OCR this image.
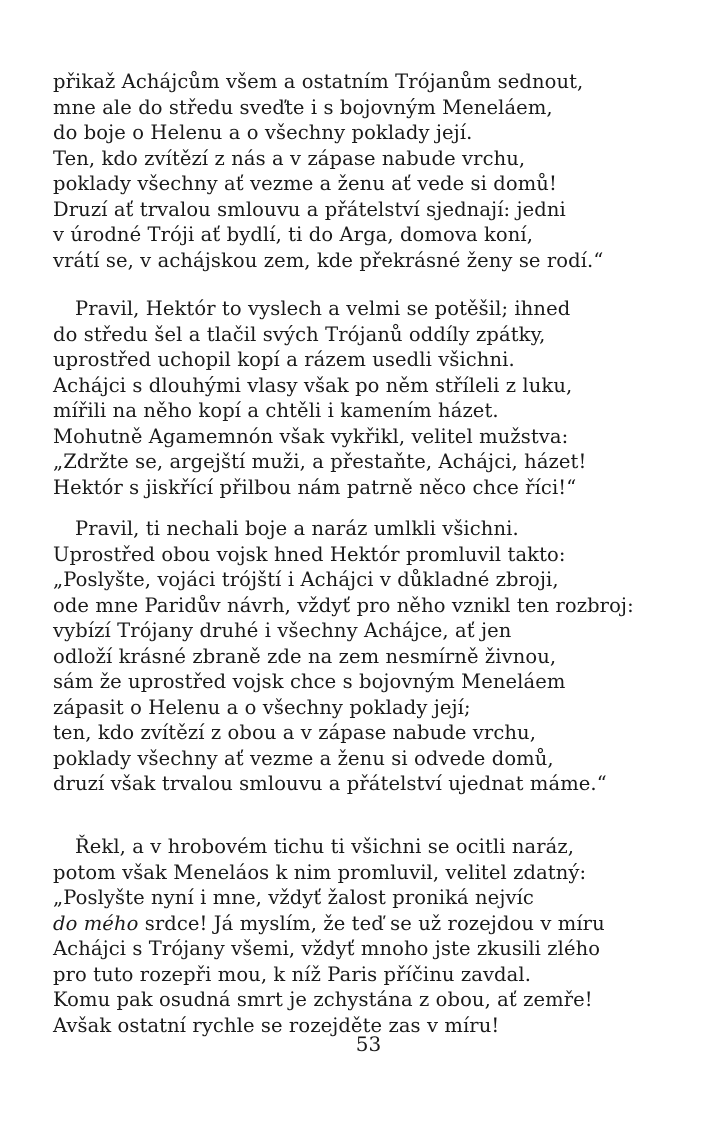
přikaž Achájcům všem a ostatním Trójanům sednout,
mne ale do středu sveďte i s bojovným Meneláem,
do boje o Helenu a o všechny poklady její.
Ten, kdo zvítězí z nás a v zápase nabude vrchu,
poklady všechny ať vezme a ženu ať vede si domů!
Druzí ať trvalou smlouvu a přátelství sjednají: jedni
v úrodné Tróji ať bydlí, ti do Arga, domova koní,
vrátí se, v achájskou zem, kde překrásné ženy se rodí.“
Pravil, Hektór to vyslech a velmi se potěšil; ihned
do středu šel a tlačil svých Trójanů oddíly zpátky,
uprostřed uchopil kopí a rázem usedli všichni.
Achájci s dlouhými vlasy však po něm stříleli z luku,
mířili na něho kopí a chtěli i kamením házet.
Mohutně Agamemnón však vykřikl, velitel mužstva:
„Zdržte se, argejští muži, a přestaňte, Achájci, házet!
Hektór s jiskřící přilbou nám patrně něco chce říci!“
Pravil, ti nechali boje a naráz umlkli všichni.
Uprostřed obou vojsk hned Hektór promluvil takto:
„Poslyšte, vojáci trójští i Achájci v důkladné zbroji,
ode mne Paridův návrh, vždyť pro něho vznikl ten rozbroj:
vybízí Trójany druhé i všechny Achájce, ať jen
odloží krásné zbraně zde na zem nesmírně živnou,
sám že uprostřed vojsk chce s bojovným Meneláem
zápasit o Helenu a o všechny poklady její;
ten, kdo zvítězí z obou a v zápase nabude vrchu,
poklady všechny ať vezme a ženu si odvede domů,
druzí však trvalou smlouvu a přátelství ujednat máme.“
Řekl, a v hrobovém tichu ti všichni se ocitli naráz,
potom však Meneláos k nim promluvil, velitel zdatný:
„Poslyšte nyní i mne, vždyť žalost proniká nejvíc
do mého srdce! Já myslím, že teď se už rozejdou v míru
Achájci s Trójany všemi, vždyť mnoho jste zkusili zlého
pro tuto rozepři mou, k níž Paris příčinu zavdal.
Komu pak osudná smrt je zchystána z obou, ať zemře!
Avšak ostatní rychle se rozejděte zas v míru!
53
